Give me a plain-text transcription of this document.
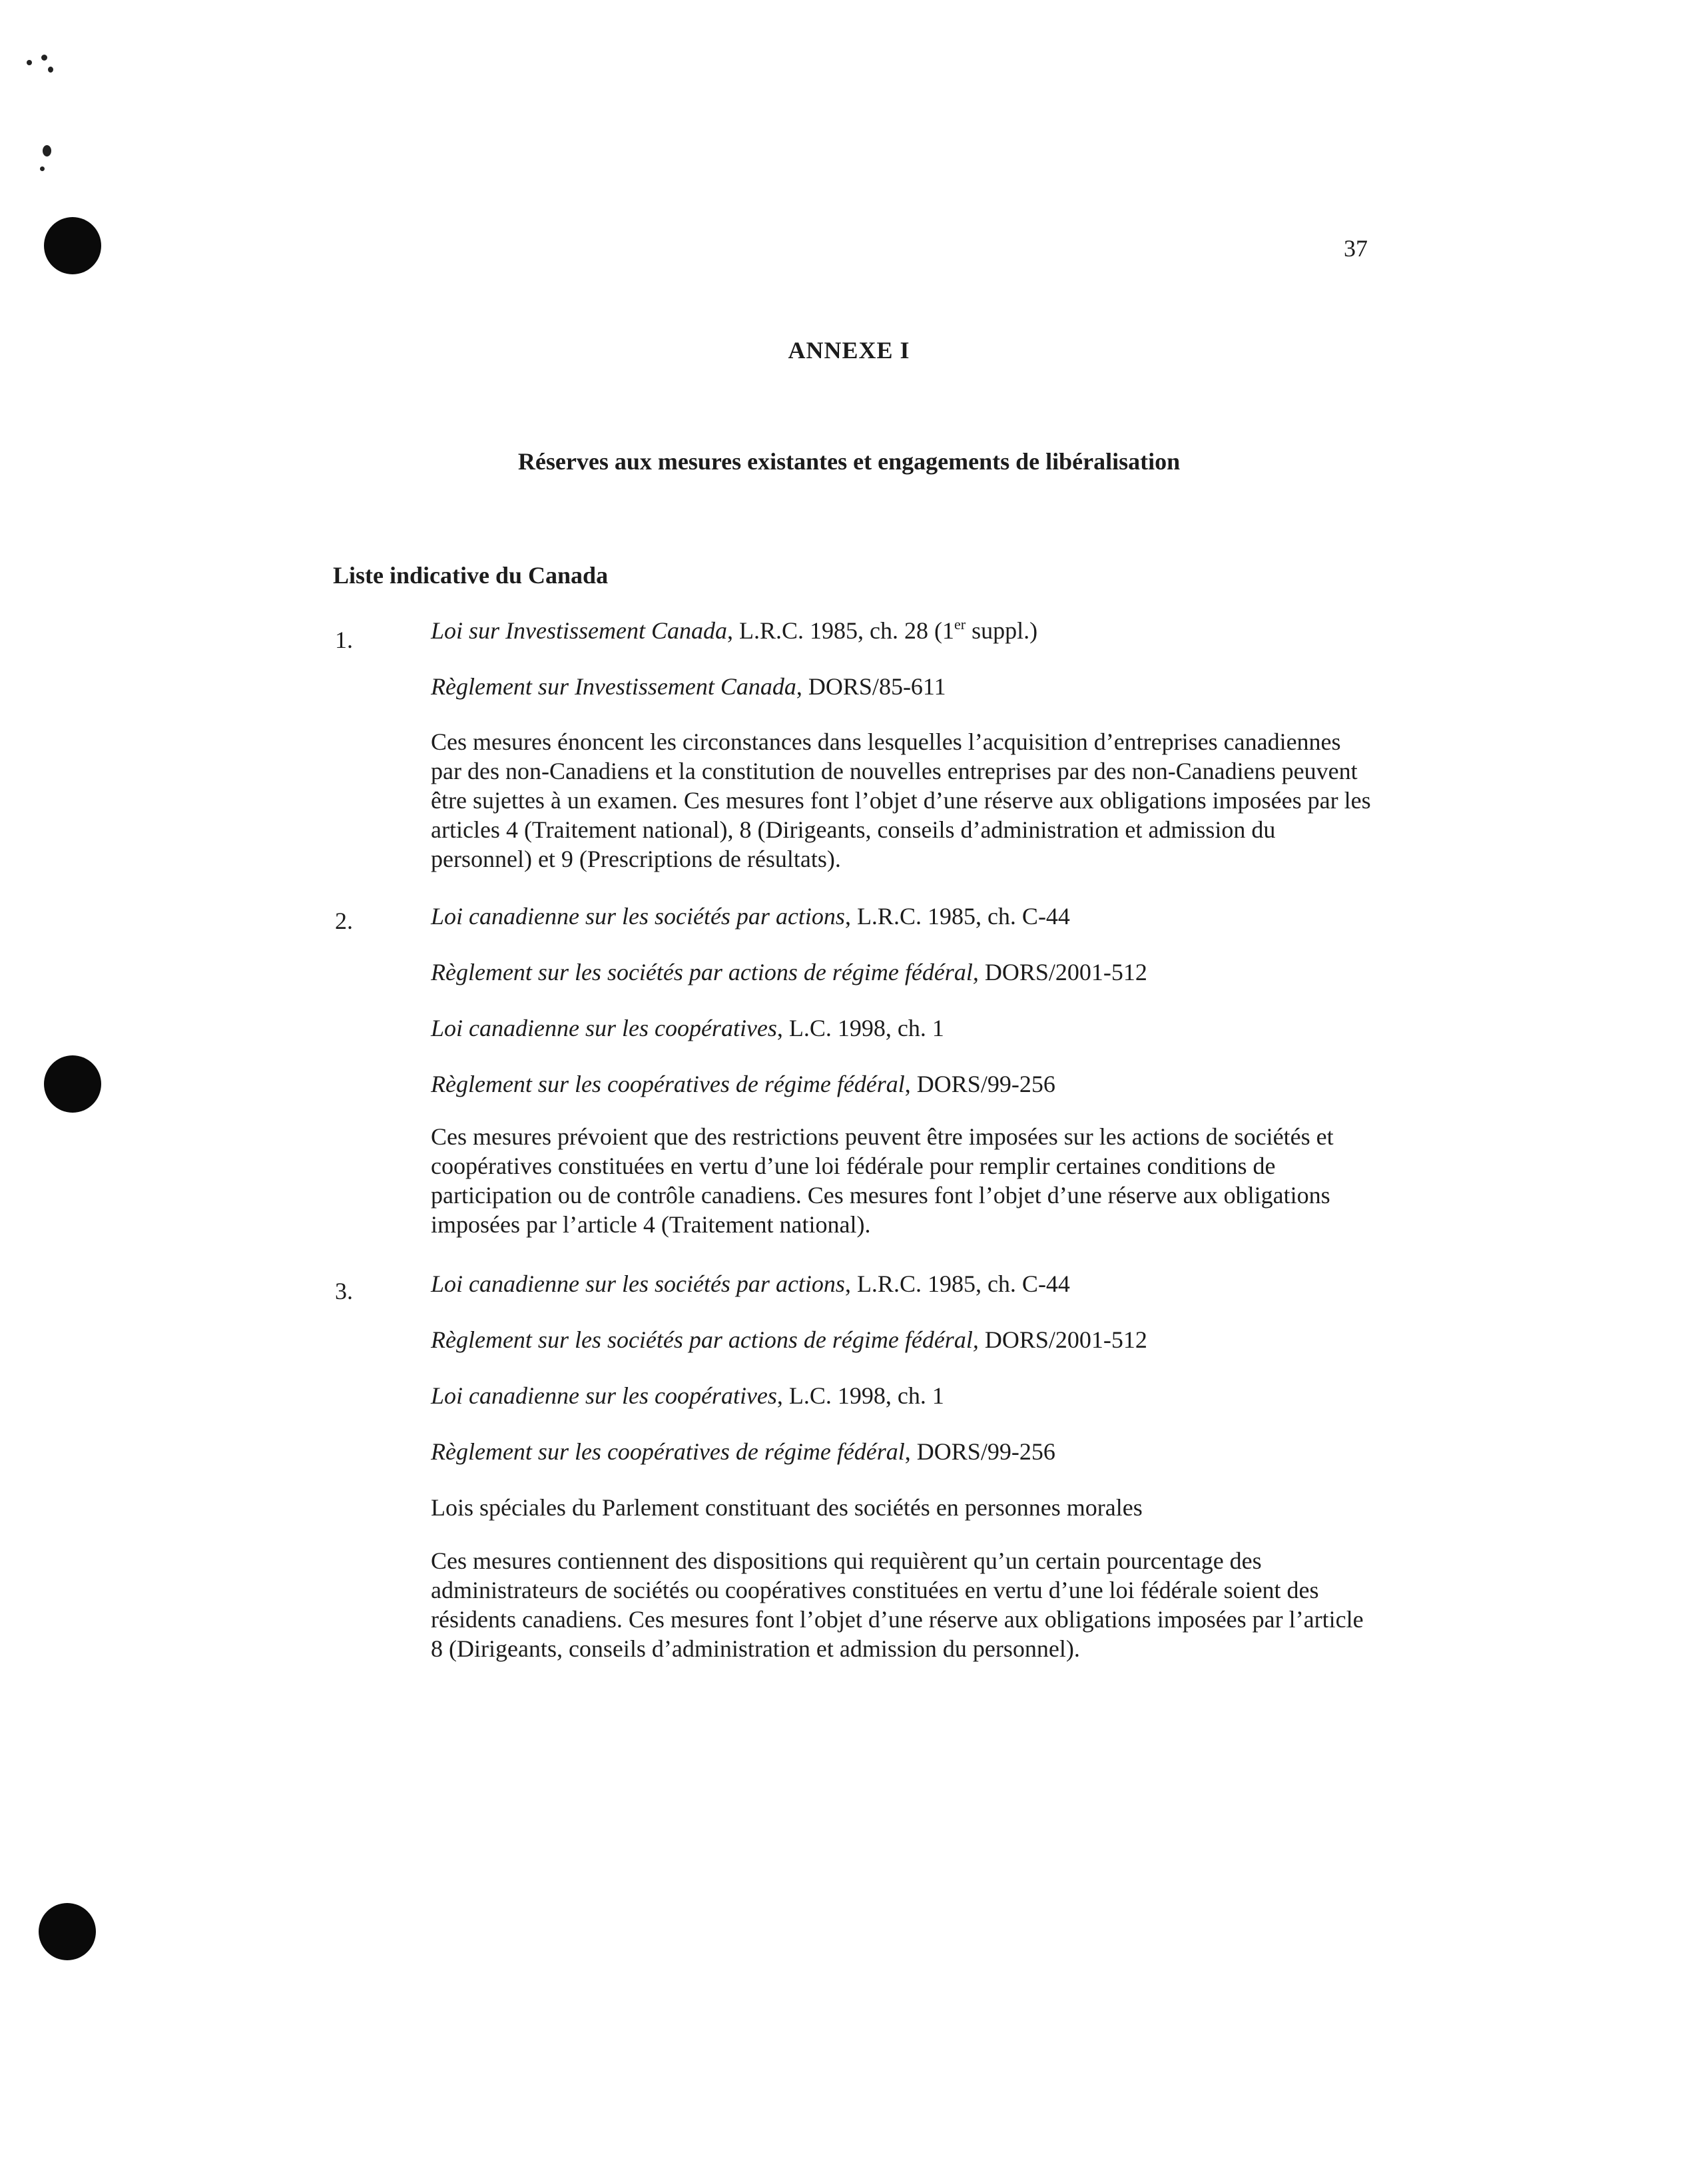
37
ANNEXE I
Réserves aux mesures existantes et engagements de libéralisation
Liste indicative du Canada
1.	Loi sur Investissement Canada, L.R.C. 1985, ch. 28 (1er suppl.)
Règlement sur Investissement Canada, DORS/85-611
Ces mesures énoncent les circonstances dans lesquelles l’acquisition d’entreprises canadiennes par des non-Canadiens et la constitution de nouvelles entreprises par des non-Canadiens peuvent être sujettes à un examen. Ces mesures font l’objet d’une réserve aux obligations imposées par les articles 4 (Traitement national), 8 (Dirigeants, conseils d’administration et admission du personnel) et 9 (Prescriptions de résultats).
2.	Loi canadienne sur les sociétés par actions, L.R.C. 1985, ch. C-44
Règlement sur les sociétés par actions de régime fédéral, DORS/2001-512
Loi canadienne sur les coopératives, L.C. 1998, ch. 1
Règlement sur les coopératives de régime fédéral, DORS/99-256
Ces mesures prévoient que des restrictions peuvent être imposées sur les actions de sociétés et coopératives constituées en vertu d’une loi fédérale pour remplir certaines conditions de participation ou de contrôle canadiens. Ces mesures font l’objet d’une réserve aux obligations imposées par l’article 4 (Traitement national).
3.	Loi canadienne sur les sociétés par actions, L.R.C. 1985, ch. C-44
Règlement sur les sociétés par actions de régime fédéral, DORS/2001-512
Loi canadienne sur les coopératives, L.C. 1998, ch. 1
Règlement sur les coopératives de régime fédéral, DORS/99-256
Lois spéciales du Parlement constituant des sociétés en personnes morales
Ces mesures contiennent des dispositions qui requièrent qu’un certain pourcentage des administrateurs de sociétés ou coopératives constituées en vertu d’une loi fédérale soient des résidents canadiens. Ces mesures font l’objet d’une réserve aux obligations imposées par l’article 8 (Dirigeants, conseils d’administration et admission du personnel).
